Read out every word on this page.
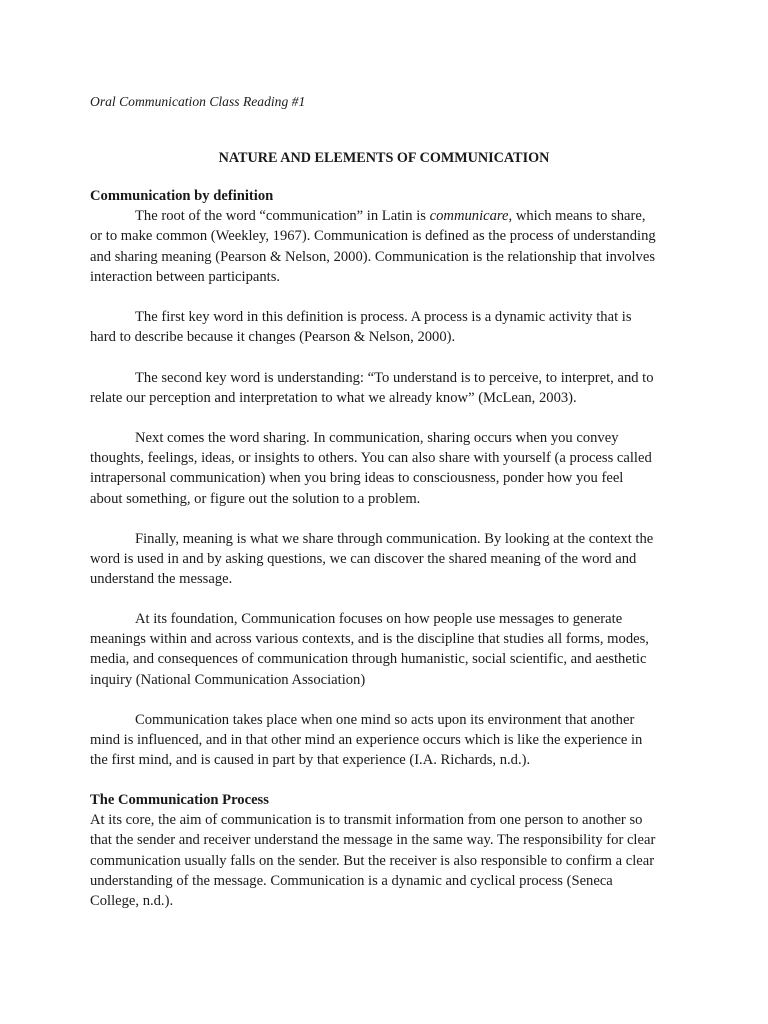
Oral Communication Class Reading #1
NATURE AND ELEMENTS OF COMMUNICATION
Communication by definition

The root of the word “communication” in Latin is communicare, which means to share,
or to make common (Weekley, 1967). Communication is defined as the process of understanding
and sharing meaning (Pearson & Nelson, 2000). Communication is the relationship that involves
interaction between participants.

The first key word in this definition is process. A process is a dynamic activity that is
hard to describe because it changes (Pearson & Nelson, 2000).
The second key word is understanding: “To understand is to perceive, to interpret, and to
relate our perception and interpretation to what we already know” (McLean, 2003).
Next comes the word sharing. In communication, sharing occurs when you convey
thoughts, feelings, ideas, or insights to others. You can also share with yourself (a process called
intrapersonal communication) when you bring ideas to consciousness, ponder how you feel
about something, or figure out the solution to a problem.
Finally, meaning is what we share through communication. By looking at the context the
word is used in and by asking questions, we can discover the shared meaning of the word and
understand the message.
At its foundation, Communication focuses on how people use messages to generate
meanings within and across various contexts, and is the discipline that studies all forms, modes,
media, and consequences of communication through humanistic, social scientific, and aesthetic
inquiry (National Communication Association)
Communication takes place when one mind so acts upon its environment that another
mind is influenced, and in that other mind an experience occurs which is like the experience in
the first mind, and is caused in part by that experience (I.A. Richards, n.d.).
The Communication Process
At its core, the aim of communication is to transmit information from one person to another so
that the sender and receiver understand the message in the same way. The responsibility for clear
communication usually falls on the sender. But the receiver is also responsible to confirm a clear
understanding of the message. Communication is a dynamic and cyclical process (Seneca
College, n.d.).
